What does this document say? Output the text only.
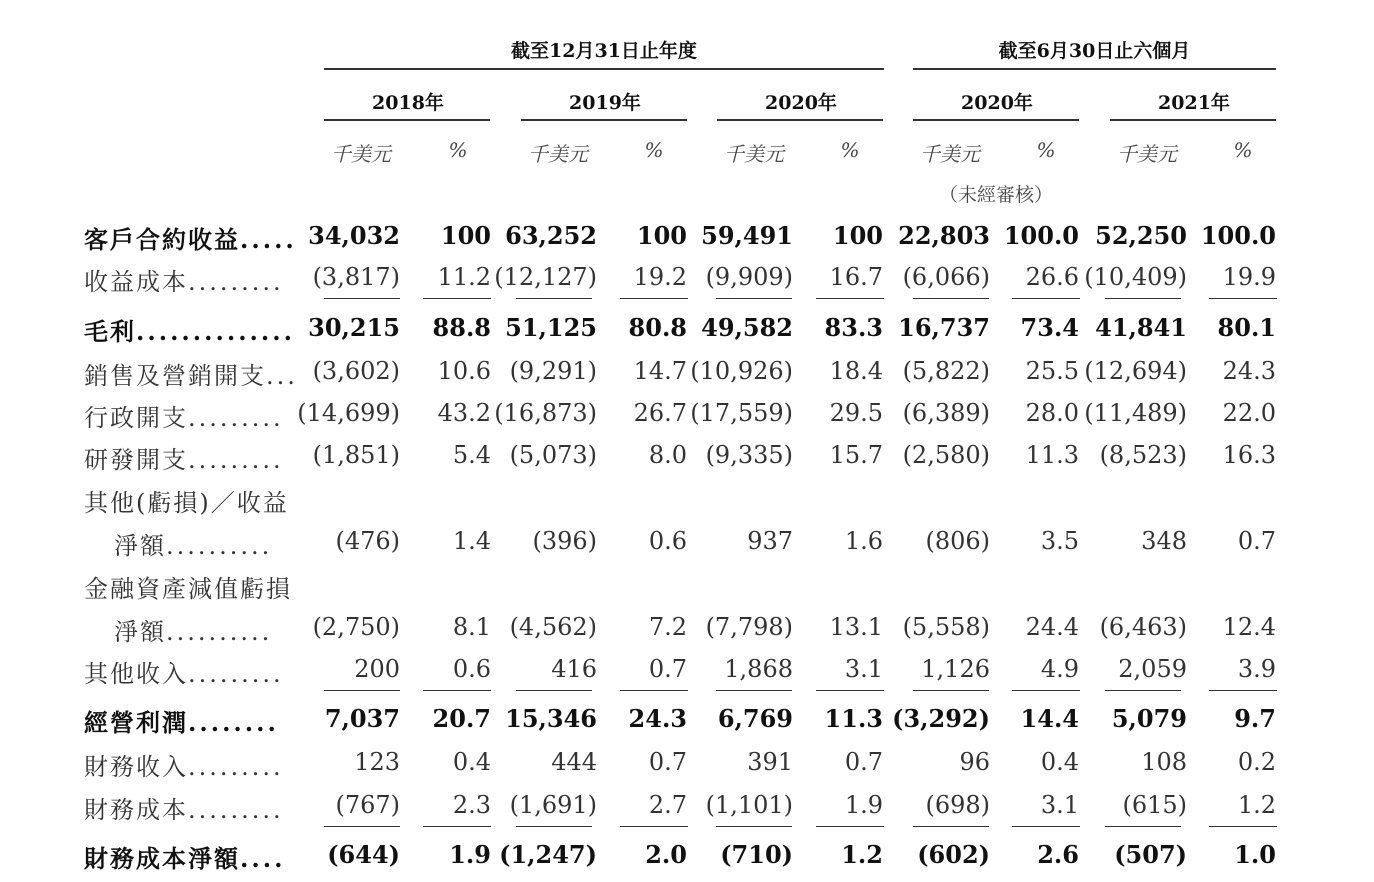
截至12月31日止年度	截至6月30日止六個月
2018年	2019年	2020年	2020年	2021年
千美元	%	千美元	%	千美元	%	千美元	%	千美元	%
（未經審核）
客戶合約收益..... 34,032	100 63,252	100 59,491	100 22,803 100.0 52,250 100.0
收益成本.........	(3,817)	11.2 (12,127)	19.2 (9,909)	16.7 (6,066)	26.6 (10,409)	19.9
毛利.............. 30,215	88.8 51,125	80.8 49,582	83.3 16,737	73.4 41,841	80.1
銷售及營銷開支... (3,602)	10.6 (9,291)	14.7 (10,926)	18.4 (5,822)	25.5 (12,694)	24.3
行政開支......... (14,699)	43.2 (16,873)	26.7 (17,559)	29.5 (6,389)	28.0 (11,489)	22.0
研發開支.........	(1,851)	5.4 (5,073)	8.0 (9,335)	15.7 (2,580)	11.3 (8,523)	16.3
其他(虧損)／收益
淨額..........	(476)	1.4	(396)	0.6	937	1.6	(806)	3.5	348	0.7
金融資產減值虧損
淨額..........	(2,750)	8.1 (4,562)	7.2 (7,798)	13.1 (5,558)	24.4 (6,463)	12.4
其他收入.........	200	0.6	416	0.7	1,868	3.1	1,126	4.9	2,059	3.9
經營利潤........	7,037	20.7 15,346	24.3	6,769	11.3 (3,292)	14.4	5,079	9.7
財務收入.........	123	0.4	444	0.7	391	0.7	96	0.4	108	0.2
財務成本.........	(767)	2.3 (1,691)	2.7 (1,101)	1.9	(698)	3.1	(615)	1.2
財務成本淨額....	(644)	1.9 (1,247)	2.0	(710)	1.2	(602)	2.6	(507)	1.0
